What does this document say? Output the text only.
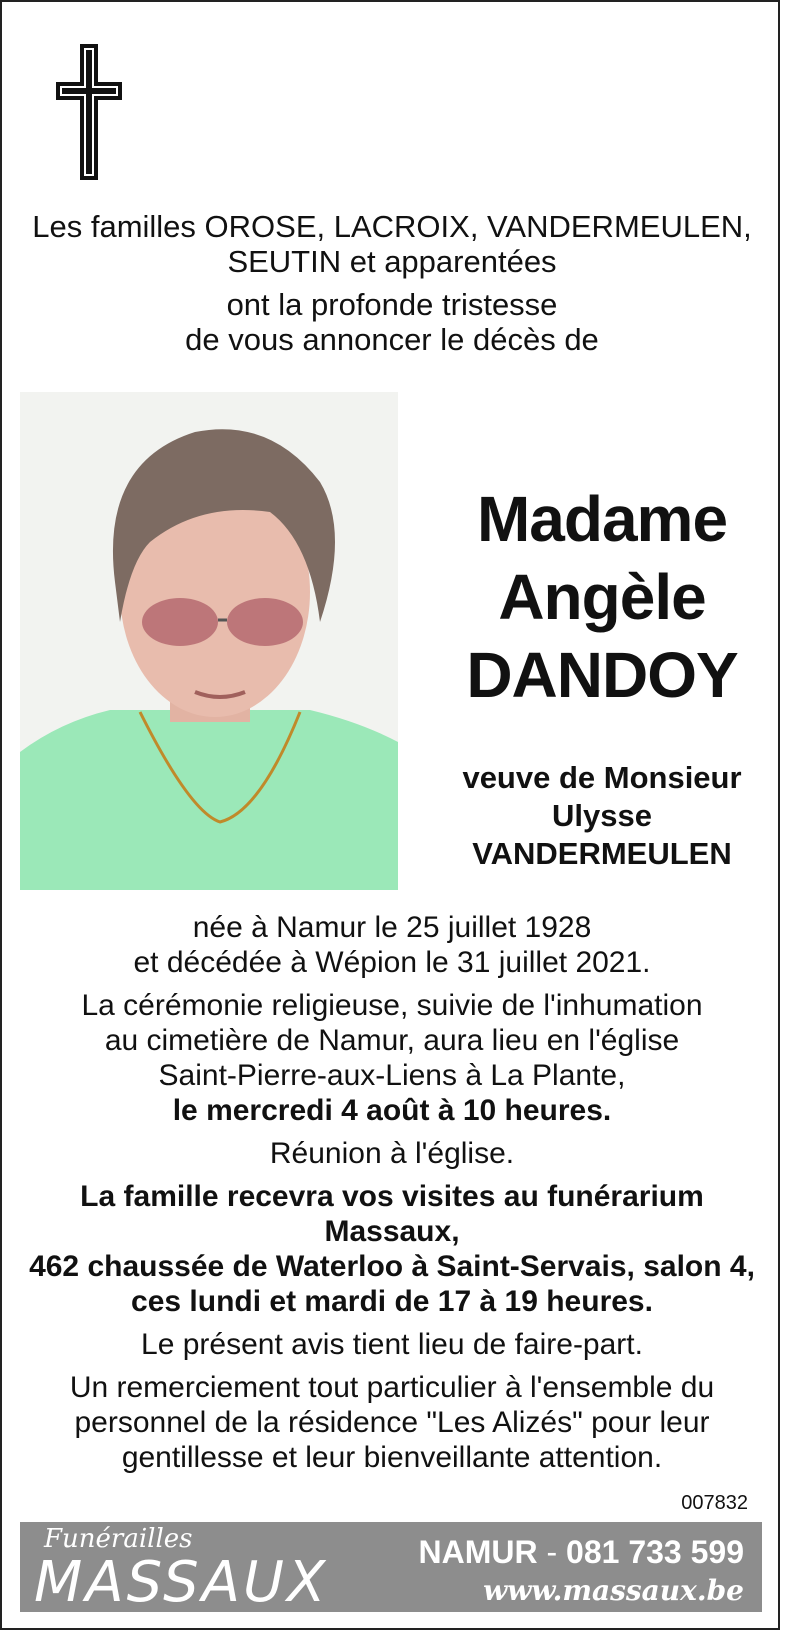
Les familles OROSE, LACROIX, VANDERMEULEN,
SEUTIN et apparentées

ont la profonde tristesse
de vous annoncer le décès de

Madame
Angèle
DANDOY
veuve de Monsieur
Ulysse
VANDERMEULEN

née à Namur le 25 juillet 1928
et décédée à Wépion le 31 juillet 2021.

La cérémonie religieuse, suivie de l'inhumation
au cimetière de Namur, aura lieu en l'église
Saint-Pierre-aux-Liens à La Plante,
le mercredi 4 août à 10 heures.

Réunion à l'église.

La famille recevra vos visites au funérarium Massaux,
462 chaussée de Waterloo à Saint-Servais, salon 4,
ces lundi et mardi de 17 à 19 heures.

Le présent avis tient lieu de faire-part.

Un remerciement tout particulier à l'ensemble du
personnel de la résidence "Les Alizés" pour leur
gentillesse et leur bienveillante attention.

007832
Funérailles
MASSAUX	NAMUR - 081 733 599
www.massaux.be
